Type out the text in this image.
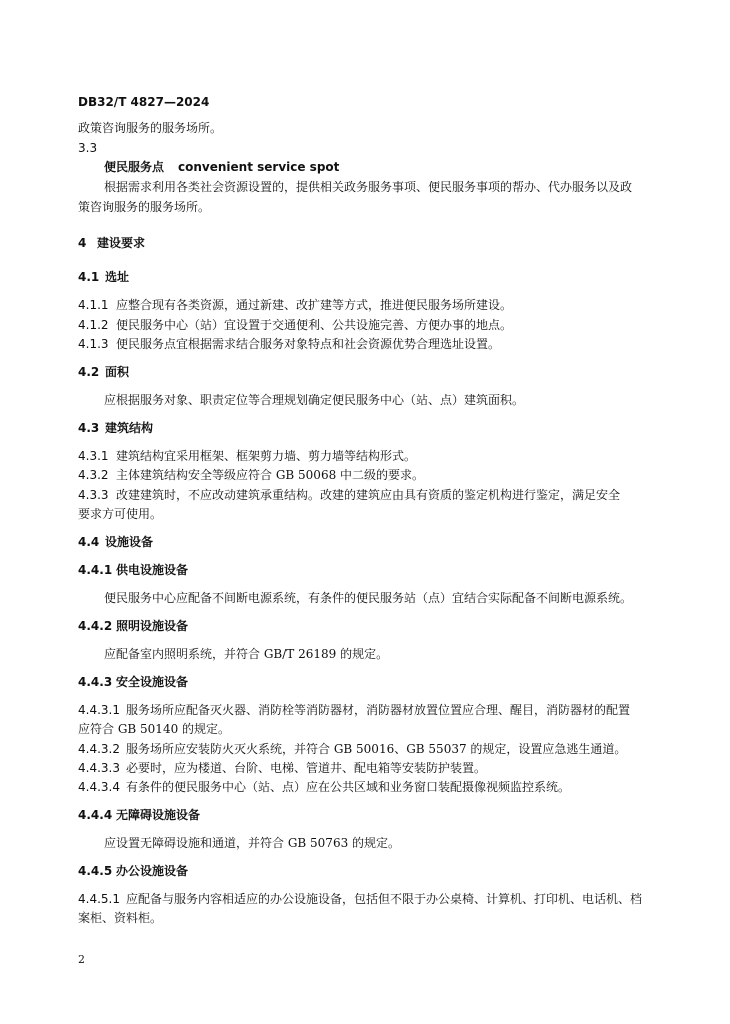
DB32/T 4827—2024
政策咨询服务的服务场所。
3.3
便民服务点 convenient service spot
根据需求利用各类社会资源设置的，提供相关政务服务事项、便民服务事项的帮办、代办服务以及政
策咨询服务的服务场所。
4 建设要求
4.1 选址
4.1.1 应整合现有各类资源，通过新建、改扩建等方式，推进便民服务场所建设。
4.1.2 便民服务中心（站）宜设置于交通便利、公共设施完善、方便办事的地点。
4.1.3 便民服务点宜根据需求结合服务对象特点和社会资源优势合理选址设置。
4.2 面积
应根据服务对象、职责定位等合理规划确定便民服务中心（站、点）建筑面积。
4.3 建筑结构
4.3.1 建筑结构宜采用框架、框架剪力墙、剪力墙等结构形式。
4.3.2 主体建筑结构安全等级应符合 GB 50068 中二级的要求。
4.3.3 改建建筑时，不应改动建筑承重结构。改建的建筑应由具有资质的鉴定机构进行鉴定，满足安全
要求方可使用。
4.4 设施设备
4.4.1 供电设施设备
便民服务中心应配备不间断电源系统，有条件的便民服务站（点）宜结合实际配备不间断电源系统。
4.4.2 照明设施设备
应配备室内照明系统，并符合 GB/T 26189 的规定。
4.4.3 安全设施设备
4.4.3.1 服务场所应配备灭火器、消防栓等消防器材，消防器材放置位置应合理、醒目，消防器材的配置
应符合 GB 50140 的规定。
4.4.3.2 服务场所应安装防火灭火系统，并符合 GB 50016、GB 55037 的规定，设置应急逃生通道。
4.4.3.3 必要时，应为楼道、台阶、电梯、管道井、配电箱等安装防护装置。
4.4.3.4 有条件的便民服务中心（站、点）应在公共区域和业务窗口装配摄像视频监控系统。
4.4.4 无障碍设施设备
应设置无障碍设施和通道，并符合 GB 50763 的规定。
4.4.5 办公设施设备
4.4.5.1 应配备与服务内容相适应的办公设施设备，包括但不限于办公桌椅、计算机、打印机、电话机、档
案柜、资料柜。
2
